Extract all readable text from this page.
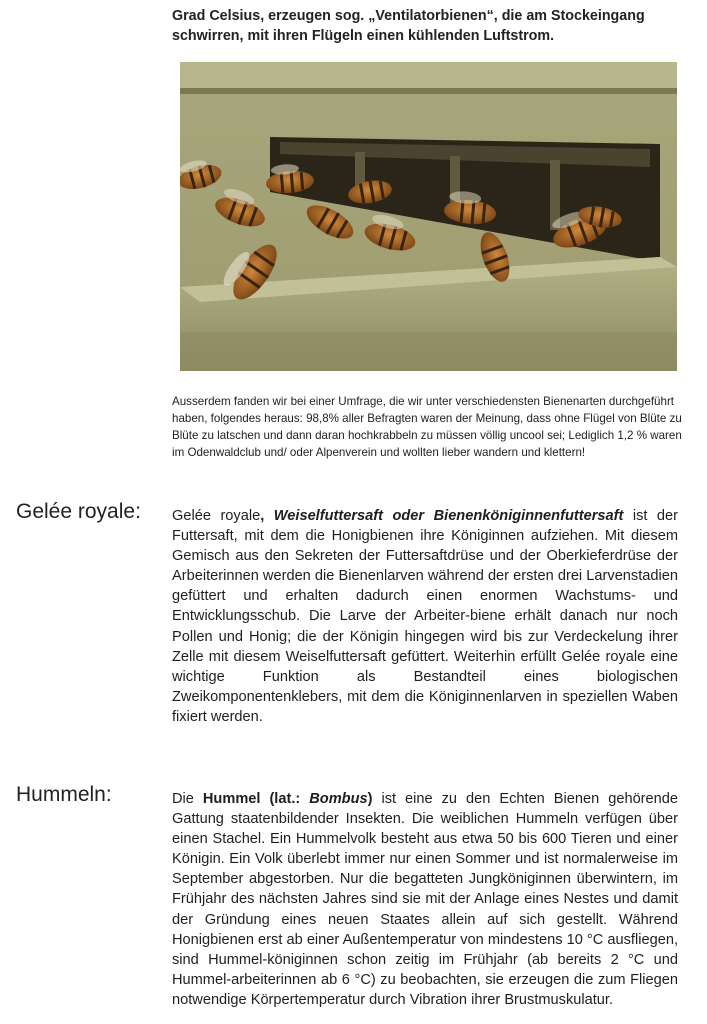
Grad Celsius, erzeugen sog. „Ventilatorbienen“, die am Stockeingang schwirren, mit ihren Flügeln einen kühlenden Luftstrom.

Ausserdem fanden wir bei einer Umfrage, die wir unter verschiedensten Bienenarten durchgeführt haben, folgendes heraus: 98,8% aller Befragten waren der Meinung, dass ohne Flügel von Blüte zu Blüte zu latschen und dann daran hochkrabbeln zu müssen völlig uncool sei; Lediglich 1,2 % waren im Odenwaldclub und/ oder Alpenverein und wollten lieber wandern und klettern!

Gelée royale: Gelée royale, Weiselfuttersaft oder Bienenköniginnenfuttersaft ist der Futtersaft, mit dem die Honigbienen ihre Königinnen aufziehen. Mit diesem Gemisch aus den Sekreten der Futtersaftdrüse und der Oberkieferdrüse der Arbeiterinnen werden die Bienenlarven während der ersten drei Larvenstadien gefüttert und erhalten dadurch einen enormen Wachstums- und Entwicklungsschub. Die Larve der Arbeiter-biene erhält danach nur noch Pollen und Honig; die der Königin hingegen wird bis zur Verdeckelung ihrer Zelle mit diesem Weiselfuttersaft gefüttert. Weiterhin erfüllt Gelée royale eine wichtige Funktion als Bestandteil eines biologischen Zweikomponentenklebers, mit dem die Königinnenlarven in speziellen Waben fixiert werden.

Hummeln:	Die Hummel (lat.: Bombus) ist eine zu den Echten Bienen gehörende Gattung staatenbildender Insekten. Die weiblichen Hummeln verfügen über einen Stachel. Ein Hummelvolk besteht aus etwa 50 bis 600 Tieren und einer Königin. Ein Volk überlebt immer nur einen Sommer und ist normalerweise im September abgestorben. Nur die begatteten Jungköniginnen überwintern, im Frühjahr des nächsten Jahres sind sie mit der Anlage eines Nestes und damit der Gründung eines neuen Staates allein auf sich gestellt. Während Honigbienen erst ab einer Außentemperatur von mindestens 10 °C ausfliegen, sind Hummel-königinnen schon zeitig im Frühjahr (ab bereits 2 °C und Hummel-arbeiterinnen ab 6 °C) zu beobachten, sie erzeugen die zum Fliegen notwendige Körpertemperatur durch Vibration ihrer Brustmuskulatur.
